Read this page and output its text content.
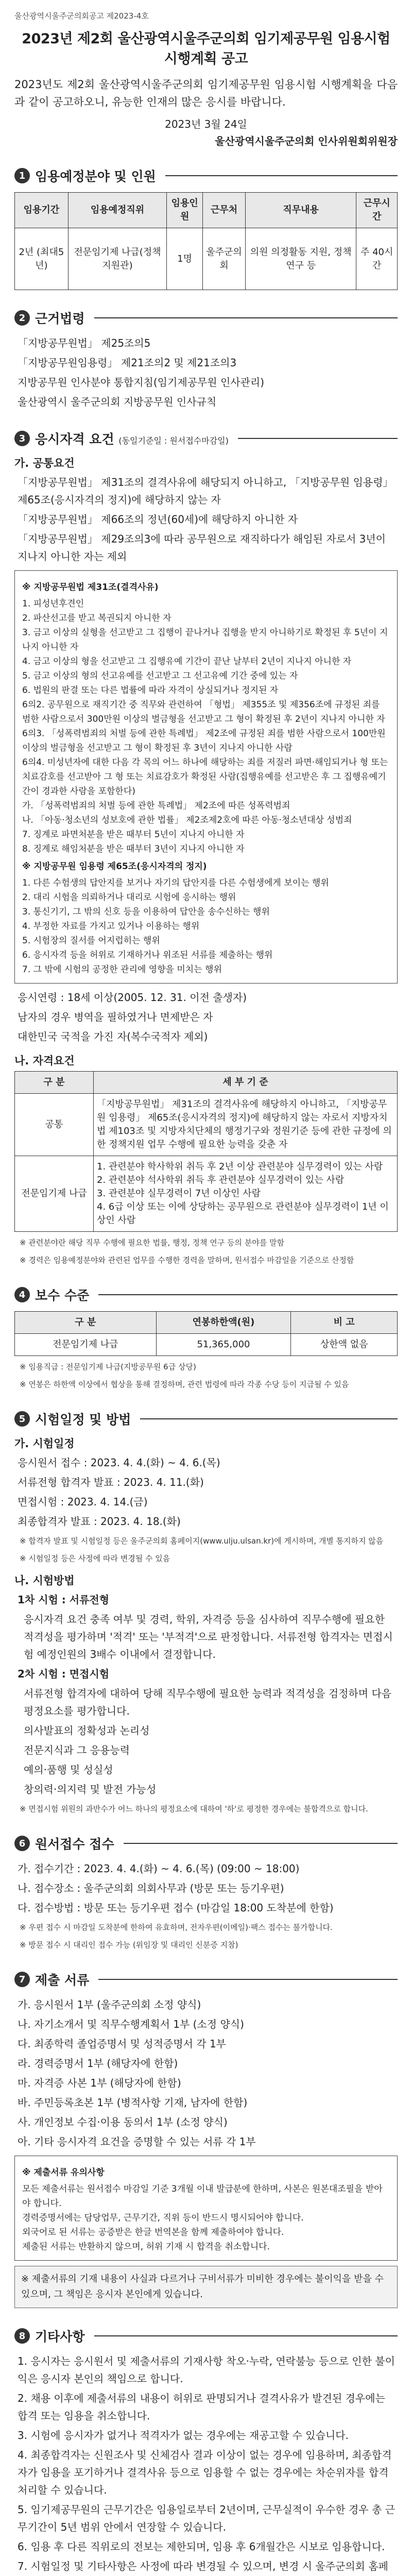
울산광역시울주군의회공고 제2023-4호
2023년 제2회 울산광역시울주군의회 임기제공무원 임용시험 시행계획 공고
2023년도 제2회 울산광역시울주군의회 임기제공무원 임용시험 시행계획을 다음과 같이 공고하오니, 유능한 인재의 많은 응시를 바랍니다.
2023년 3월 24일
울산광역시울주군의회 인사위원회위원장
1 임용예정분야 및 인원
임용기간	임용예정직위	임용인원	근무처	직무내용	근무시간
2년 (최대5년)	전문임기제 나급(정책지원관)	1명	울주군의회	의원 의정활동 지원, 정책 연구 등	주 40시간
2 근거법령
「지방공무원법」 제25조의5
「지방공무원임용령」 제21조의2 및 제21조의3
지방공무원 인사분야 통합지침(임기제공무원 인사관리)
울산광역시 울주군의회 지방공무원 인사규칙
3 응시자격 요건 (동일기준일 : 원서접수마감일)
가. 공통요건
「지방공무원법」 제31조의 결격사유에 해당되지 아니하고, 「지방공무원 임용령」 제65조(응시자격의 정지)에 해당하지 않는 자
「지방공무원법」 제66조의 정년(60세)에 해당하지 아니한 자
「지방공무원법」 제29조의3에 따라 공무원으로 재직하다가 해임된 자로서 3년이 지나지 아니한 자는 제외
※ 지방공무원법 제31조(결격사유)
1. 피성년후견인
2. 파산선고를 받고 복권되지 아니한 자
3. 금고 이상의 실형을 선고받고 그 집행이 끝나거나 집행을 받지 아니하기로 확정된 후 5년이 지나지 아니한 자
4. 금고 이상의 형을 선고받고 그 집행유예 기간이 끝난 날부터 2년이 지나지 아니한 자
5. 금고 이상의 형의 선고유예를 선고받고 그 선고유예 기간 중에 있는 자
6. 법원의 판결 또는 다른 법률에 따라 자격이 상실되거나 정지된 자
6의2. 공무원으로 재직기간 중 직무와 관련하여 「형법」 제355조 및 제356조에 규정된 죄를 범한 사람으로서 300만원 이상의 벌금형을 선고받고 그 형이 확정된 후 2년이 지나지 아니한 자
6의3. 「성폭력범죄의 처벌 등에 관한 특례법」 제2조에 규정된 죄를 범한 사람으로서 100만원 이상의 벌금형을 선고받고 그 형이 확정된 후 3년이 지나지 아니한 사람
6의4. 미성년자에 대한 다음 각 목의 어느 하나에 해당하는 죄를 저질러 파면·해임되거나 형 또는 치료감호를 선고받아 그 형 또는 치료감호가 확정된 사람(집행유예를 선고받은 후 그 집행유예기간이 경과한 사람을 포함한다)
가. 「성폭력범죄의 처벌 등에 관한 특례법」 제2조에 따른 성폭력범죄
나. 「아동·청소년의 성보호에 관한 법률」 제2조제2호에 따른 아동·청소년대상 성범죄
7. 징계로 파면처분을 받은 때부터 5년이 지나지 아니한 자
8. 징계로 해임처분을 받은 때부터 3년이 지나지 아니한 자
※ 지방공무원 임용령 제65조(응시자격의 정지)
1. 다른 수험생의 답안지를 보거나 자기의 답안지를 다른 수험생에게 보이는 행위
2. 대리 시험을 의뢰하거나 대리로 시험에 응시하는 행위
3. 통신기기, 그 밖의 신호 등을 이용하여 답안을 송수신하는 행위
4. 부정한 자료를 가지고 있거나 이용하는 행위
5. 시험장의 질서를 어지럽히는 행위
6. 응시자격 등을 허위로 기재하거나 위조된 서류를 제출하는 행위
7. 그 밖에 시험의 공정한 관리에 영향을 미치는 행위
응시연령 : 18세 이상(2005. 12. 31. 이전 출생자)
남자의 경우 병역을 필하였거나 면제받은 자
대한민국 국적을 가진 자(복수국적자 제외)
나. 자격요건
구 분	세 부 기 준
공통	「지방공무원법」 제31조의 결격사유에 해당하지 아니하고, 「지방공무원 임용령」 제65조(응시자격의 정지)에 해당하지 않는 자로서 지방자치법 제103조 및 지방자치단체의 행정기구와 정원기준 등에 관한 규정에 의한 정책지원 업무 수행에 필요한 능력을 갖춘 자
전문임기제 나급	1. 관련분야 학사학위 취득 후 2년 이상 관련분야 실무경력이 있는 사람
2. 관련분야 석사학위 취득 후 관련분야 실무경력이 있는 사람
3. 관련분야 실무경력이 7년 이상인 사람
4. 6급 이상 또는 이에 상당하는 공무원으로 관련분야 실무경력이 1년 이상인 사람
※ 관련분야란 해당 직무 수행에 필요한 법률, 행정, 정책 연구 등의 분야를 말함
※ 경력은 임용예정분야와 관련된 업무를 수행한 경력을 말하며, 원서접수 마감일을 기준으로 산정함
4 보수 수준
구 분	연봉하한액(원)	비 고
전문임기제 나급	51,365,000	상한액 없음
※ 임용직급 : 전문임기제 나급(지방공무원 6급 상당)
※ 연봉은 하한액 이상에서 협상을 통해 결정하며, 관련 법령에 따라 각종 수당 등이 지급될 수 있음
5 시험일정 및 방법
가. 시험일정
응시원서 접수 : 2023. 4. 4.(화) ~ 4. 6.(목)
서류전형 합격자 발표 : 2023. 4. 11.(화)
면접시험 : 2023. 4. 14.(금)
최종합격자 발표 : 2023. 4. 18.(화)
※ 합격자 발표 및 시험일정 등은 울주군의회 홈페이지(www.ulju.ulsan.kr)에 게시하며, 개별 통지하지 않음
※ 시험일정 등은 사정에 따라 변경될 수 있음
나. 시험방법
1차 시험 : 서류전형
응시자격 요건 충족 여부 및 경력, 학위, 자격증 등을 심사하여 직무수행에 필요한 적격성을 평가하며 '적격' 또는 '부적격'으로 판정합니다. 서류전형 합격자는 면접시험 예정인원의 3배수 이내에서 결정합니다.
2차 시험 : 면접시험
서류전형 합격자에 대하여 당해 직무수행에 필요한 능력과 적격성을 검정하며 다음 평정요소를 평가합니다.
의사발표의 정확성과 논리성
전문지식과 그 응용능력
예의·품행 및 성실성
창의력·의지력 및 발전 가능성
※ 면접시험 위원의 과반수가 어느 하나의 평정요소에 대하여 '하'로 평정한 경우에는 불합격으로 합니다.
6 원서접수 접수
가. 접수기간 : 2023. 4. 4.(화) ~ 4. 6.(목) (09:00 ~ 18:00)
나. 접수장소 : 울주군의회 의회사무과 (방문 또는 등기우편)
다. 접수방법 : 방문 또는 등기우편 접수 (마감일 18:00 도착분에 한함)
※ 우편 접수 시 마감일 도착분에 한하여 유효하며, 전자우편(이메일)·팩스 접수는 불가합니다.
※ 방문 접수 시 대리인 접수 가능 (위임장 및 대리인 신분증 지참)
7 제출 서류
가. 응시원서 1부 (울주군의회 소정 양식)
나. 자기소개서 및 직무수행계획서 1부 (소정 양식)
다. 최종학력 졸업증명서 및 성적증명서 각 1부
라. 경력증명서 1부 (해당자에 한함)
마. 자격증 사본 1부 (해당자에 한함)
바. 주민등록초본 1부 (병적사항 기재, 남자에 한함)
사. 개인정보 수집·이용 동의서 1부 (소정 양식)
아. 기타 응시자격 요건을 증명할 수 있는 서류 각 1부
※ 제출서류 유의사항
모든 제출서류는 원서접수 마감일 기준 3개월 이내 발급분에 한하며, 사본은 원본대조필을 받아야 합니다.
경력증명서에는 담당업무, 근무기간, 직위 등이 반드시 명시되어야 합니다.
외국어로 된 서류는 공증받은 한글 번역본을 함께 제출하여야 합니다.
제출된 서류는 반환하지 않으며, 허위 기재 시 합격을 취소합니다.
※ 제출서류의 기재 내용이 사실과 다르거나 구비서류가 미비한 경우에는 불이익을 받을 수 있으며, 그 책임은 응시자 본인에게 있습니다.
8 기타사항
1. 응시자는 응시원서 및 제출서류의 기재사항 착오·누락, 연락불능 등으로 인한 불이익은 응시자 본인의 책임으로 합니다.
2. 채용 이후에 제출서류의 내용이 허위로 판명되거나 결격사유가 발견된 경우에는 합격 또는 임용을 취소합니다.
3. 시험에 응시자가 없거나 적격자가 없는 경우에는 재공고할 수 있습니다.
4. 최종합격자는 신원조사 및 신체검사 결과 이상이 없는 경우에 임용하며, 최종합격자가 임용을 포기하거나 결격사유 등으로 임용할 수 없는 경우에는 차순위자를 합격 처리할 수 있습니다.
5. 임기제공무원의 근무기간은 임용일로부터 2년이며, 근무실적이 우수한 경우 총 근무기간이 5년 범위 안에서 연장할 수 있습니다.
6. 임용 후 다른 직위로의 전보는 제한되며, 임용 후 6개월간은 시보로 임용합니다.
7. 시험일정 및 기타사항은 사정에 따라 변경될 수 있으며, 변경 시 울주군의회 홈페
